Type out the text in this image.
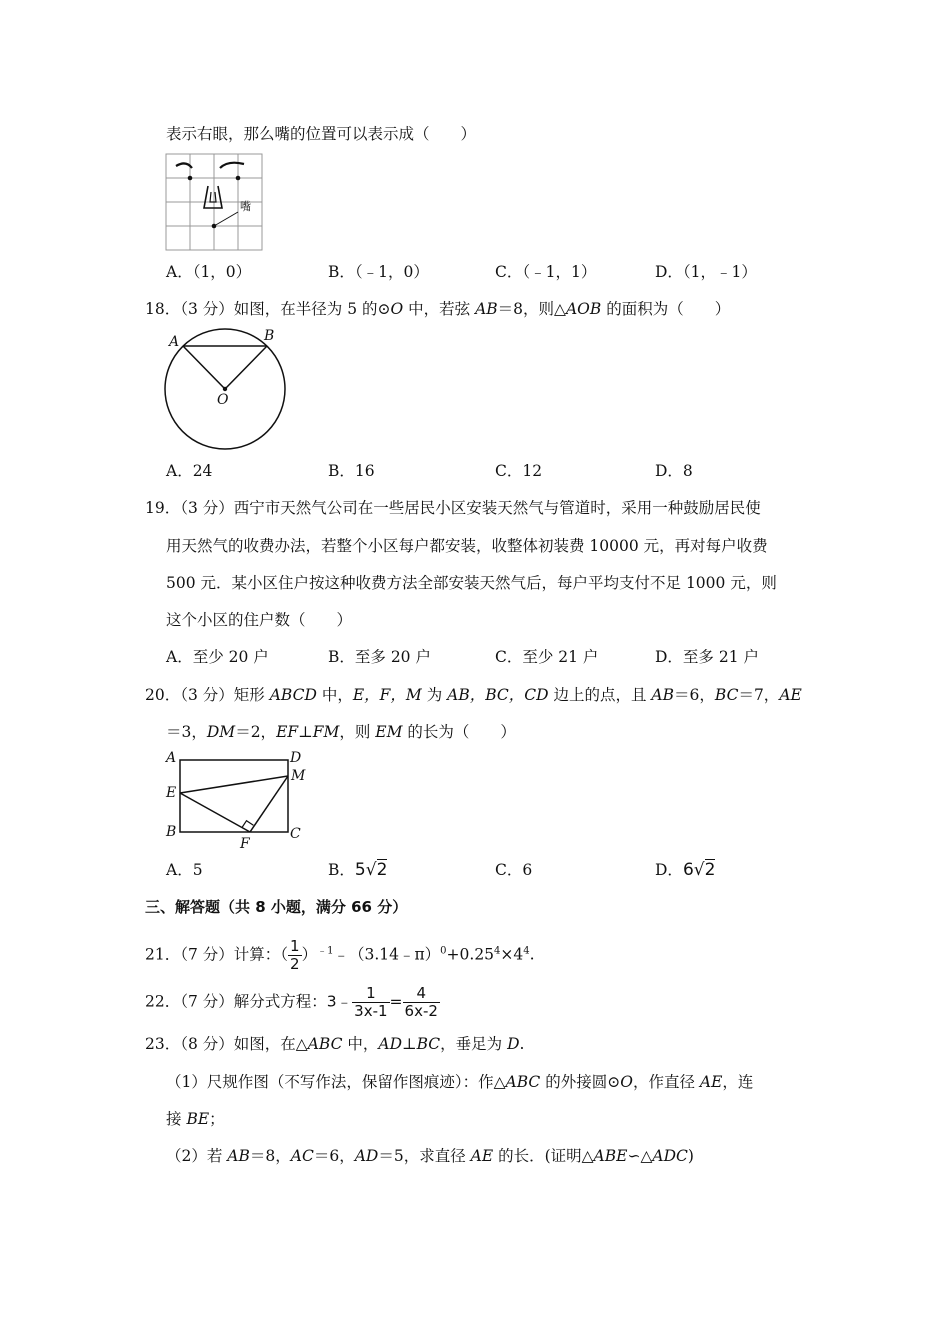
表示右眼，那么嘴的位置可以表示成（　　）
嘴
A．（1，0）	B．（﹣1，0）	C．（﹣1，1）	D．（1，﹣1）
18．（3 分）如图，在半径为 5 的⊙O 中，若弦 AB＝8，则△AOB 的面积为（　　）
A	B
O
A．24	B．16	C．12	D．8
19．（3 分）西宁市天然气公司在一些居民小区安装天然气与管道时，采用一种鼓励居民使
用天然气的收费办法，若整个小区每户都安装，收整体初装费 10000 元，再对每户收费
500 元．某小区住户按这种收费方法全部安装天然气后，每户平均支付不足 1000 元，则
这个小区的住户数（　　）
A．至少 20 户	B．至多 20 户	C．至少 21 户	D．至多 21 户
20．（3 分）矩形 ABCD 中，E，F，M 为 AB，BC，CD 边上的点，且 AB＝6，BC＝7，AE
＝3，DM＝2，EF⊥FM，则 EM 的长为（　　）
A	D
M
E
B	C
F
A．5	B．5√2	C．6	D．6√2
三、解答题（共 8 小题，满分 66 分）
21．（7 分）计算：（ $\frac{1}{2}$ ）$^{﹣1}﹣(3.14﹣\pi)^0+0.25^4\times 4^4$.
22．（7 分）解分式方程：3﹣ $\frac{1}{3x-1} = \frac{4}{6x-2}$
23．（8 分）如图，在△ABC 中，AD⊥BC，垂足为 D.
（1）尺规作图（不写作法，保留作图痕迹）：作△ABC 的外接圆⊙O，作直径 AE，连
接 BE；
（2）若 AB＝8，AC＝6，AD＝5，求直径 AE 的长．(证明△ABE∽△ADC)
